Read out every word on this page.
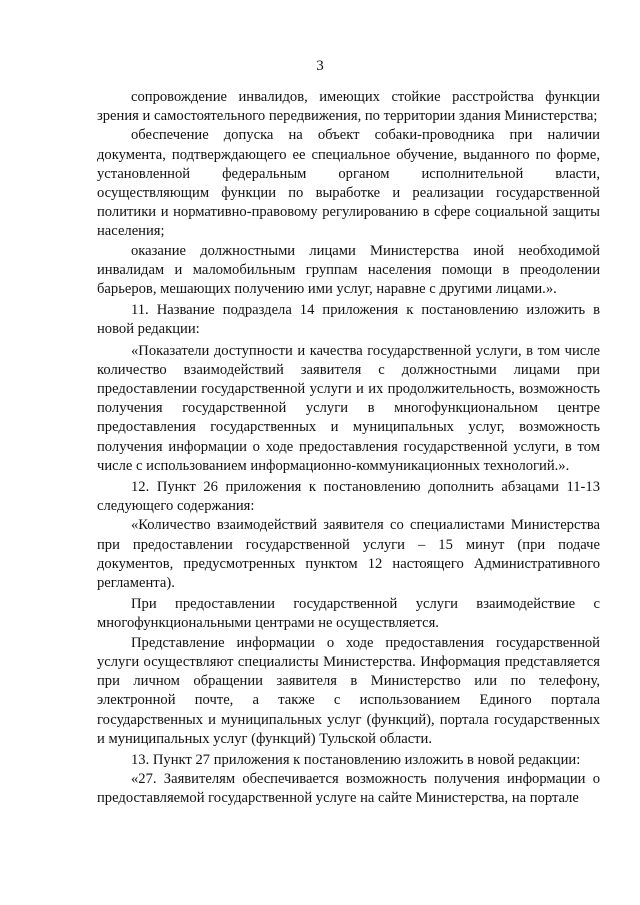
3

сопровождение инвалидов, имеющих стойкие расстройства функции зрения и самостоятельного передвижения, по территории здания Министерства;

обеспечение допуска на объект собаки-проводника при наличии документа, подтверждающего ее специальное обучение, выданного по форме, установленной федеральным органом исполнительной власти, осуществляющим функции по выработке и реализации государственной политики и нормативно-правовому регулированию в сфере социальной защиты населения;

оказание должностными лицами Министерства иной необходимой инвалидам и маломобильным группам населения помощи в преодолении барьеров, мешающих получению ими услуг, наравне с другими лицами.».

11. Название подраздела 14 приложения к постановлению изложить в новой редакции:

«Показатели доступности и качества государственной услуги, в том числе количество взаимодействий заявителя с должностными лицами при предоставлении государственной услуги и их продолжительность, возможность получения государственной услуги в многофункциональном центре предоставления государственных и муниципальных услуг, возможность получения информации о ходе предоставления государственной услуги, в том числе с использованием информационно-коммуникационных технологий.».

12. Пункт 26 приложения к постановлению дополнить абзацами 11-13 следующего содержания:

«Количество взаимодействий заявителя со специалистами Министерства при предоставлении государственной услуги – 15 минут (при подаче документов, предусмотренных пунктом 12 настоящего Административного регламента).

При предоставлении государственной услуги взаимодействие с многофункциональными центрами не осуществляется.

Представление информации о ходе предоставления государственной услуги осуществляют специалисты Министерства. Информация представляется при личном обращении заявителя в Министерство или по телефону, электронной почте, а также с использованием Единого портала государственных и муниципальных услуг (функций), портала государственных и муниципальных услуг (функций) Тульской области.

13. Пункт 27 приложения к постановлению изложить в новой редакции:

«27. Заявителям обеспечивается возможность получения информации о предоставляемой государственной услуге на сайте Министерства, на портале
